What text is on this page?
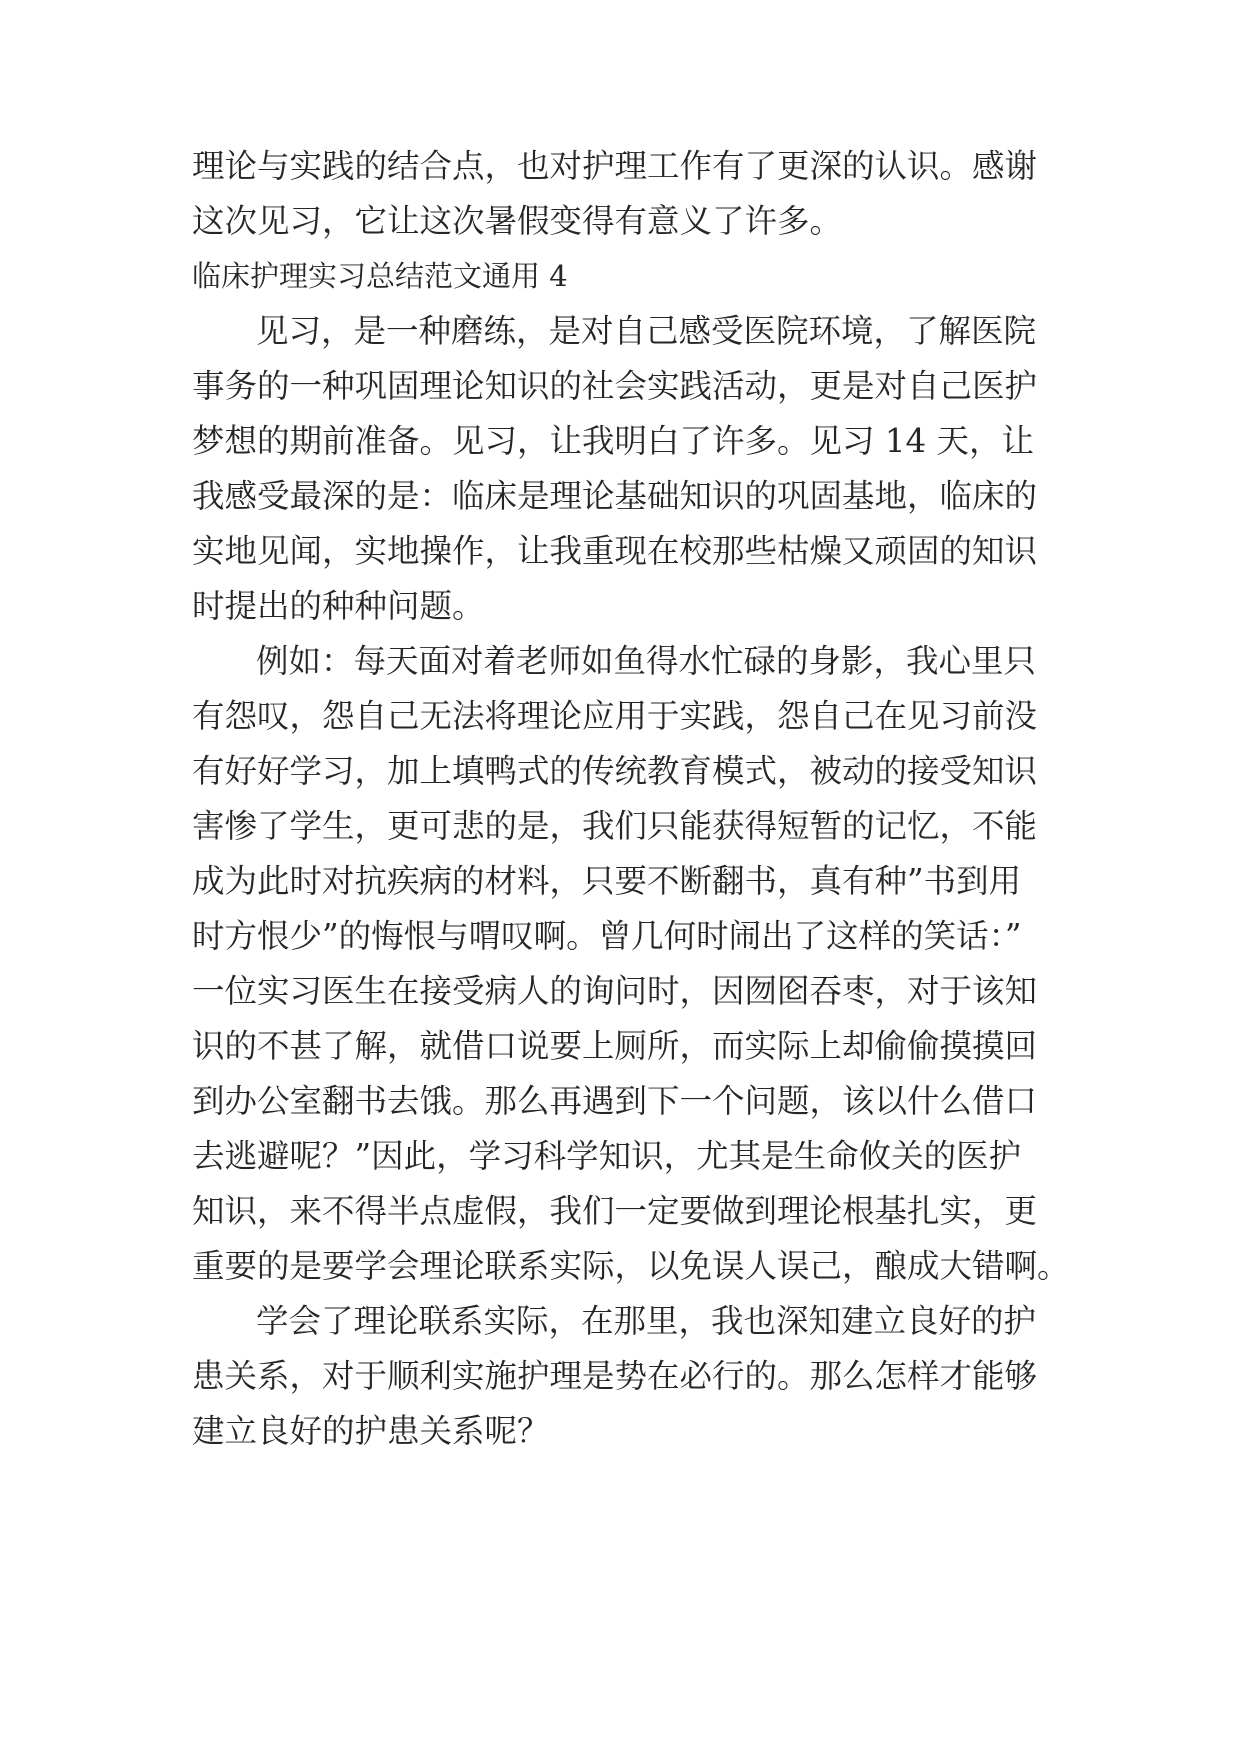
理论与实践的结合点，也对护理工作有了更深的认识。感谢
这次见习，它让这次暑假变得有意义了许多。
临床护理实习总结范文通用 4
见习，是一种磨练，是对自己感受医院环境，了解医院
事务的一种巩固理论知识的社会实践活动，更是对自己医护
梦想的期前准备。见习，让我明白了许多。见习 14 天，让
我感受最深的是：临床是理论基础知识的巩固基地，临床的
实地见闻，实地操作，让我重现在校那些枯燥又顽固的知识
时提出的种种问题。
例如：每天面对着老师如鱼得水忙碌的身影，我心里只
有怨叹，怨自己无法将理论应用于实践，怨自己在见习前没
有好好学习，加上填鸭式的传统教育模式，被动的接受知识
害惨了学生，更可悲的是，我们只能获得短暂的记忆，不能
成为此时对抗疾病的材料，只要不断翻书，真有种”书到用
时方恨少”的悔恨与喟叹啊。曾几何时闹出了这样的笑话：”
一位实习医生在接受病人的询问时，因囫囵吞枣，对于该知
识的不甚了解，就借口说要上厕所，而实际上却偷偷摸摸回
到办公室翻书去饿。那么再遇到下一个问题，该以什么借口
去逃避呢？”因此，学习科学知识，尤其是生命攸关的医护
知识，来不得半点虚假，我们一定要做到理论根基扎实，更
重要的是要学会理论联系实际，以免误人误己，酿成大错啊。
学会了理论联系实际，在那里，我也深知建立良好的护
患关系，对于顺利实施护理是势在必行的。那么怎样才能够
建立良好的护患关系呢？
